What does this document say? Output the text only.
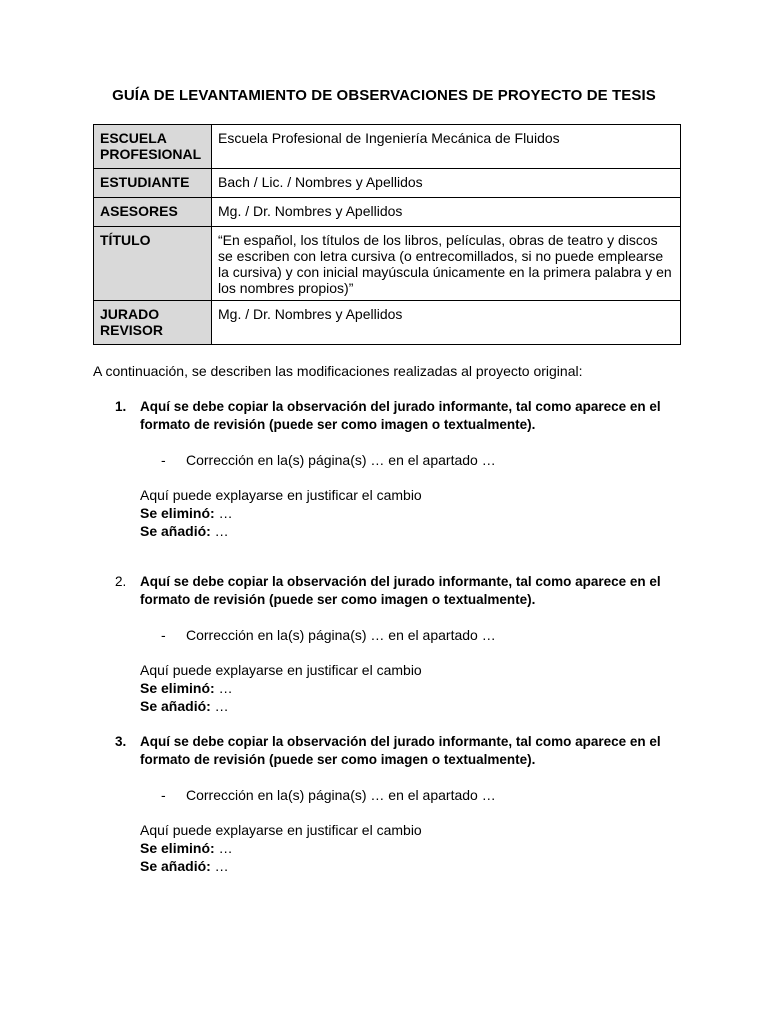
GUÍA DE LEVANTAMIENTO DE OBSERVACIONES DE PROYECTO DE TESIS
ESCUELA PROFESIONAL	Escuela Profesional de Ingeniería Mecánica de Fluidos
ESTUDIANTE	Bach / Lic. / Nombres y Apellidos
ASESORES	Mg. / Dr. Nombres y Apellidos
TÍTULO	“En español, los títulos de los libros, películas, obras de teatro y discos se escriben con letra cursiva (o entrecomillados, si no puede emplearse la cursiva) y con inicial mayúscula únicamente en la primera palabra y en los nombres propios)”
JURADO REVISOR	Mg. / Dr. Nombres y Apellidos
A continuación, se describen las modificaciones realizadas al proyecto original:
1. Aquí se debe copiar la observación del jurado informante, tal como aparece en el formato de revisión (puede ser como imagen o textualmente).
- Corrección en la(s) página(s) … en el apartado …
Aquí puede explayarse en justificar el cambio
Se eliminó: …
Se añadió: …
2. Aquí se debe copiar la observación del jurado informante, tal como aparece en el formato de revisión (puede ser como imagen o textualmente).
- Corrección en la(s) página(s) … en el apartado …
Aquí puede explayarse en justificar el cambio
Se eliminó: …
Se añadió: …
3. Aquí se debe copiar la observación del jurado informante, tal como aparece en el formato de revisión (puede ser como imagen o textualmente).
- Corrección en la(s) página(s) … en el apartado …
Aquí puede explayarse en justificar el cambio
Se eliminó: …
Se añadió: …
